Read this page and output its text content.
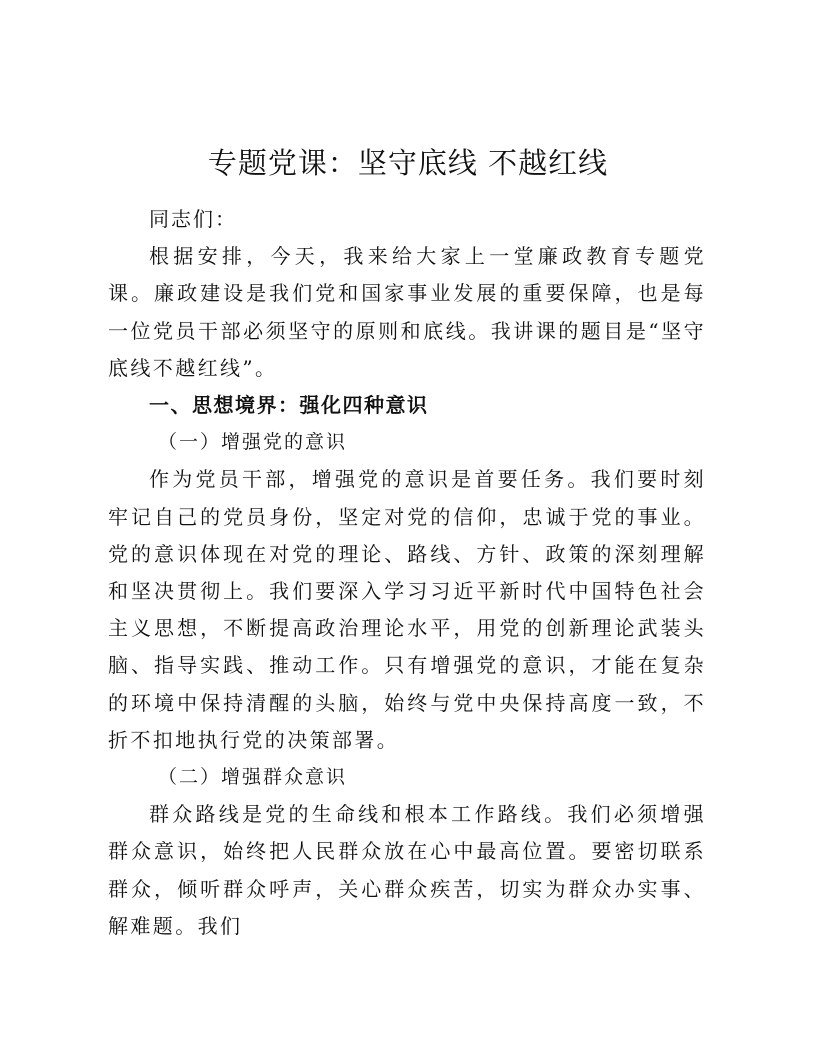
专题党课：坚守底线 不越红线

同志们：

根据安排，今天，我来给大家上一堂廉政教育专题党课。廉政建设是我们党和国家事业发展的重要保障，也是每一位党员干部必须坚守的原则和底线。我讲课的题目是“坚守底线不越红线”。

一、思想境界：强化四种意识

（一）增强党的意识

作为党员干部，增强党的意识是首要任务。我们要时刻牢记自己的党员身份，坚定对党的信仰，忠诚于党的事业。党的意识体现在对党的理论、路线、方针、政策的深刻理解和坚决贯彻上。我们要深入学习习近平新时代中国特色社会主义思想，不断提高政治理论水平，用党的创新理论武装头脑、指导实践、推动工作。只有增强党的意识，才能在复杂的环境中保持清醒的头脑，始终与党中央保持高度一致，不折不扣地执行党的决策部署。

（二）增强群众意识

群众路线是党的生命线和根本工作路线。我们必须增强群众意识，始终把人民群众放在心中最高位置。要密切联系群众，倾听群众呼声，关心群众疾苦，切实为群众办实事、解难题。我们
